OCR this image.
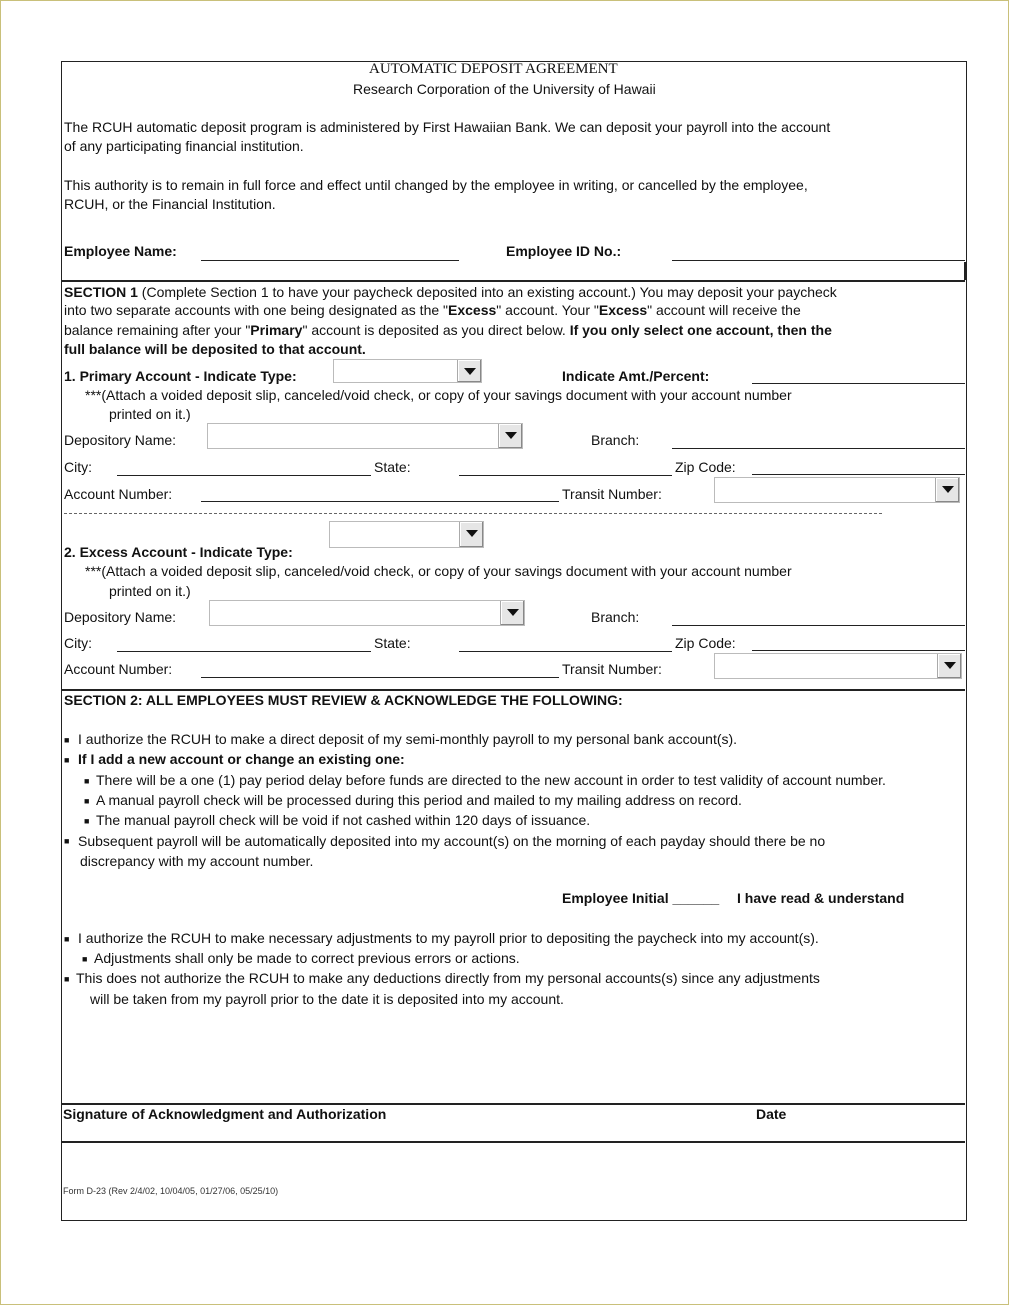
AUTOMATIC DEPOSIT AGREEMENT
Research Corporation of the University of Hawaii
The RCUH automatic deposit program is administered by First Hawaiian Bank. We can deposit your payroll into the account
of any participating financial institution.
This authority is to remain in full force and effect until changed by the employee in writing, or cancelled by the employee,
RCUH, or the Financial Institution.
Employee Name:	Employee ID No.:
SECTION 1 (Complete Section 1 to have your paycheck deposited into an existing account.) You may deposit your paycheck
into two separate accounts with one being designated as the "Excess" account. Your "Excess" account will receive the
balance remaining after your "Primary" account is deposited as you direct below. If you only select one account, then the
full balance will be deposited to that account.
1. Primary Account - Indicate Type:	Indicate Amt./Percent:
***(Attach a voided deposit slip, canceled/void check, or copy of your savings document with your account number
printed on it.)
Depository Name:	Branch:
City:	State:	Zip Code:
Account Number:	Transit Number:
2. Excess Account - Indicate Type:
***(Attach a voided deposit slip, canceled/void check, or copy of your savings document with your account number
printed on it.)
Depository Name:	Branch:
City:	State:	Zip Code:
Account Number:	Transit Number:
SECTION 2: ALL EMPLOYEES MUST REVIEW & ACKNOWLEDGE THE FOLLOWING:
■ I authorize the RCUH to make a direct deposit of my semi-monthly payroll to my personal bank account(s).
■ If I add a new account or change an existing one:
■ There will be a one (1) pay period delay before funds are directed to the new account in order to test validity of account number.
■ A manual payroll check will be processed during this period and mailed to my mailing address on record.
■ The manual payroll check will be void if not cashed within 120 days of issuance.
■ Subsequent payroll will be automatically deposited into my account(s) on the morning of each payday should there be no
discrepancy with my account number.
Employee Initial ______ I have read & understand
■ I authorize the RCUH to make necessary adjustments to my payroll prior to depositing the paycheck into my account(s).
■ Adjustments shall only be made to correct previous errors or actions.
■ This does not authorize the RCUH to make any deductions directly from my personal accounts(s) since any adjustments
will be taken from my payroll prior to the date it is deposited into my account.
Signature of Acknowledgment and Authorization	Date
Form D-23 (Rev 2/4/02, 10/04/05, 01/27/06, 05/25/10)
